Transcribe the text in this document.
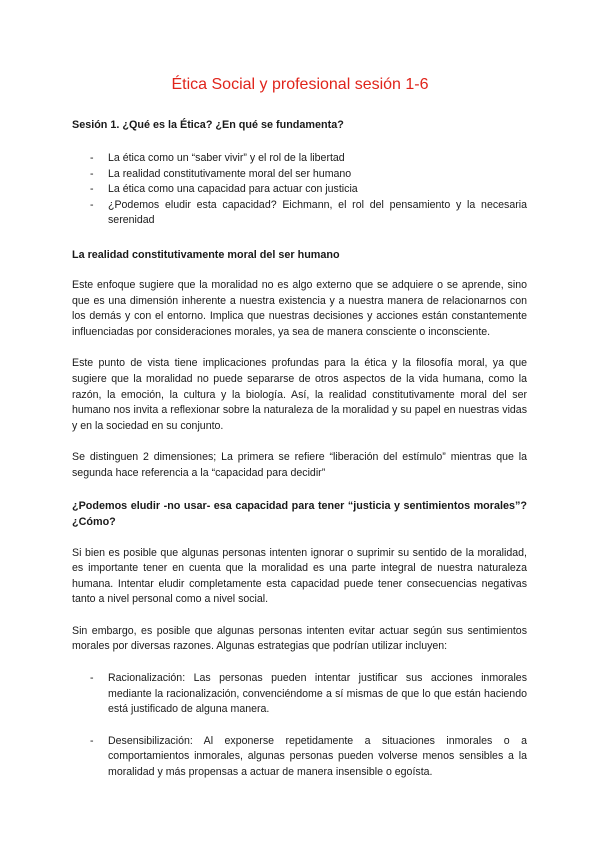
Ética Social y profesional sesión 1-6
Sesión 1. ¿Qué es la Ética? ¿En qué se fundamenta?
- La ética como un “saber vivir” y el rol de la libertad
- La realidad constitutivamente moral del ser humano
- La ética como una capacidad para actuar con justicia
- ¿Podemos eludir esta capacidad? Eichmann, el rol del pensamiento y la necesaria serenidad
La realidad constitutivamente moral del ser humano

Este enfoque sugiere que la moralidad no es algo externo que se adquiere o se aprende, sino que es una dimensión inherente a nuestra existencia y a nuestra manera de relacionarnos con los demás y con el entorno. Implica que nuestras decisiones y acciones están constantemente influenciadas por consideraciones morales, ya sea de manera consciente o inconsciente.

Este punto de vista tiene implicaciones profundas para la ética y la filosofía moral, ya que sugiere que la moralidad no puede separarse de otros aspectos de la vida humana, como la razón, la emoción, la cultura y la biología. Así, la realidad constitutivamente moral del ser humano nos invita a reflexionar sobre la naturaleza de la moralidad y su papel en nuestras vidas y en la sociedad en su conjunto.

Se distinguen 2 dimensiones; La primera se refiere “liberación del estímulo” mientras que la segunda hace referencia a la “capacidad para decidir”

¿Podemos eludir -no usar- esa capacidad para tener “justicia y sentimientos morales”? ¿Cómo?

Si bien es posible que algunas personas intenten ignorar o suprimir su sentido de la moralidad, es importante tener en cuenta que la moralidad es una parte integral de nuestra naturaleza humana. Intentar eludir completamente esta capacidad puede tener consecuencias negativas tanto a nivel personal como a nivel social.

Sin embargo, es posible que algunas personas intenten evitar actuar según sus sentimientos morales por diversas razones. Algunas estrategias que podrían utilizar incluyen:

- Racionalización: Las personas pueden intentar justificar sus acciones inmorales mediante la racionalización, convenciéndome a sí mismas de que lo que están haciendo está justificado de alguna manera.
- Desensibilización: Al exponerse repetidamente a situaciones inmorales o a comportamientos inmorales, algunas personas pueden volverse menos sensibles a la moralidad y más propensas a actuar de manera insensible o egoísta.
